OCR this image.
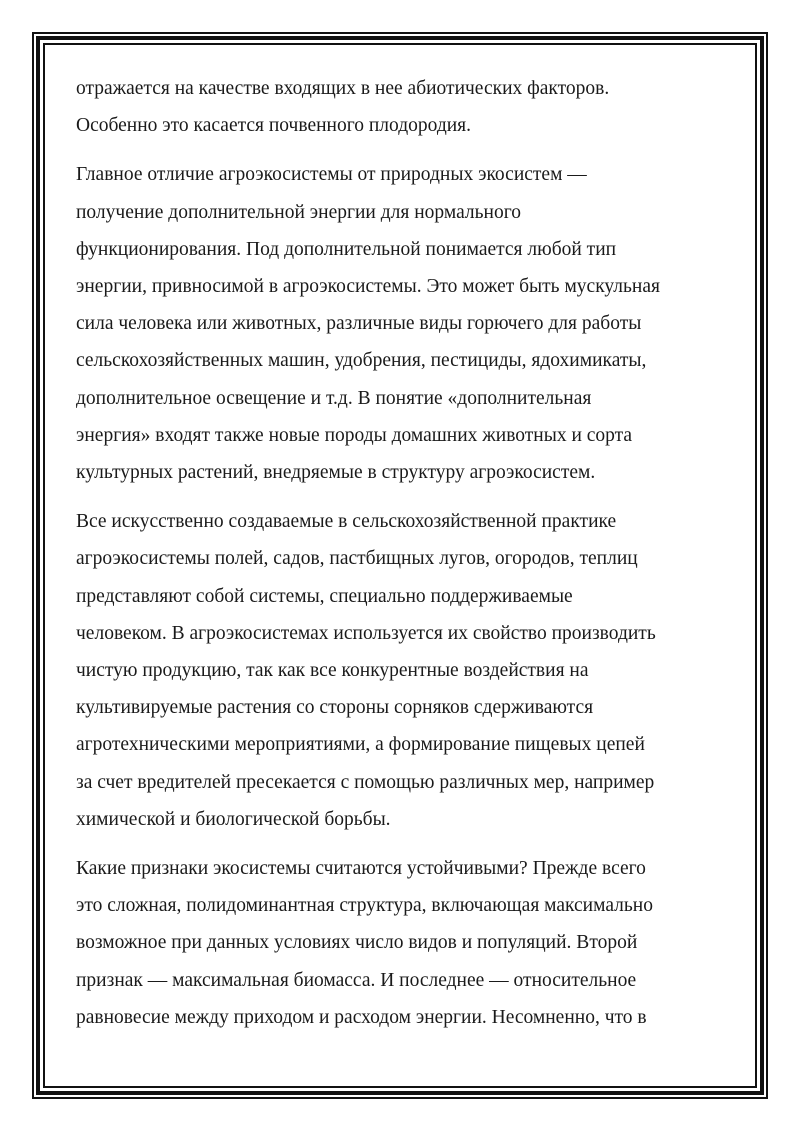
отражается на качестве входящих в нее абиотических факторов.
Особенно это касается почвенного плодородия.
Главное отличие агроэкосистемы от природных экосистем —
получение дополнительной энергии для нормального
функционирования. Под дополнительной понимается любой тип
энергии, привносимой в агроэкосистемы. Это может быть мускульная
сила человека или животных, различные виды горючего для работы
сельскохозяйственных машин, удобрения, пестициды, ядохимикаты,
дополнительное освещение и т.д. В понятие «дополнительная
энергия» входят также новые породы домашних животных и сорта
культурных растений, внедряемые в структуру агроэкосистем.
Все искусственно создаваемые в сельскохозяйственной практике
агроэкосистемы полей, садов, пастбищных лугов, огородов, теплиц
представляют собой системы, специально поддерживаемые
человеком. В агроэкосистемах используется их свойство производить
чистую продукцию, так как все конкурентные воздействия на
культивируемые растения со стороны сорняков сдерживаются
агротехническими мероприятиями, а формирование пищевых цепей
за счет вредителей пресекается с помощью различных мер, например
химической и биологической борьбы.
Какие признаки экосистемы считаются устойчивыми? Прежде всего
это сложная, полидоминантная структура, включающая максимально
возможное при данных условиях число видов и популяций. Второй
признак — максимальная биомасса. И последнее — относительное
равновесие между приходом и расходом энергии. Несомненно, что в
